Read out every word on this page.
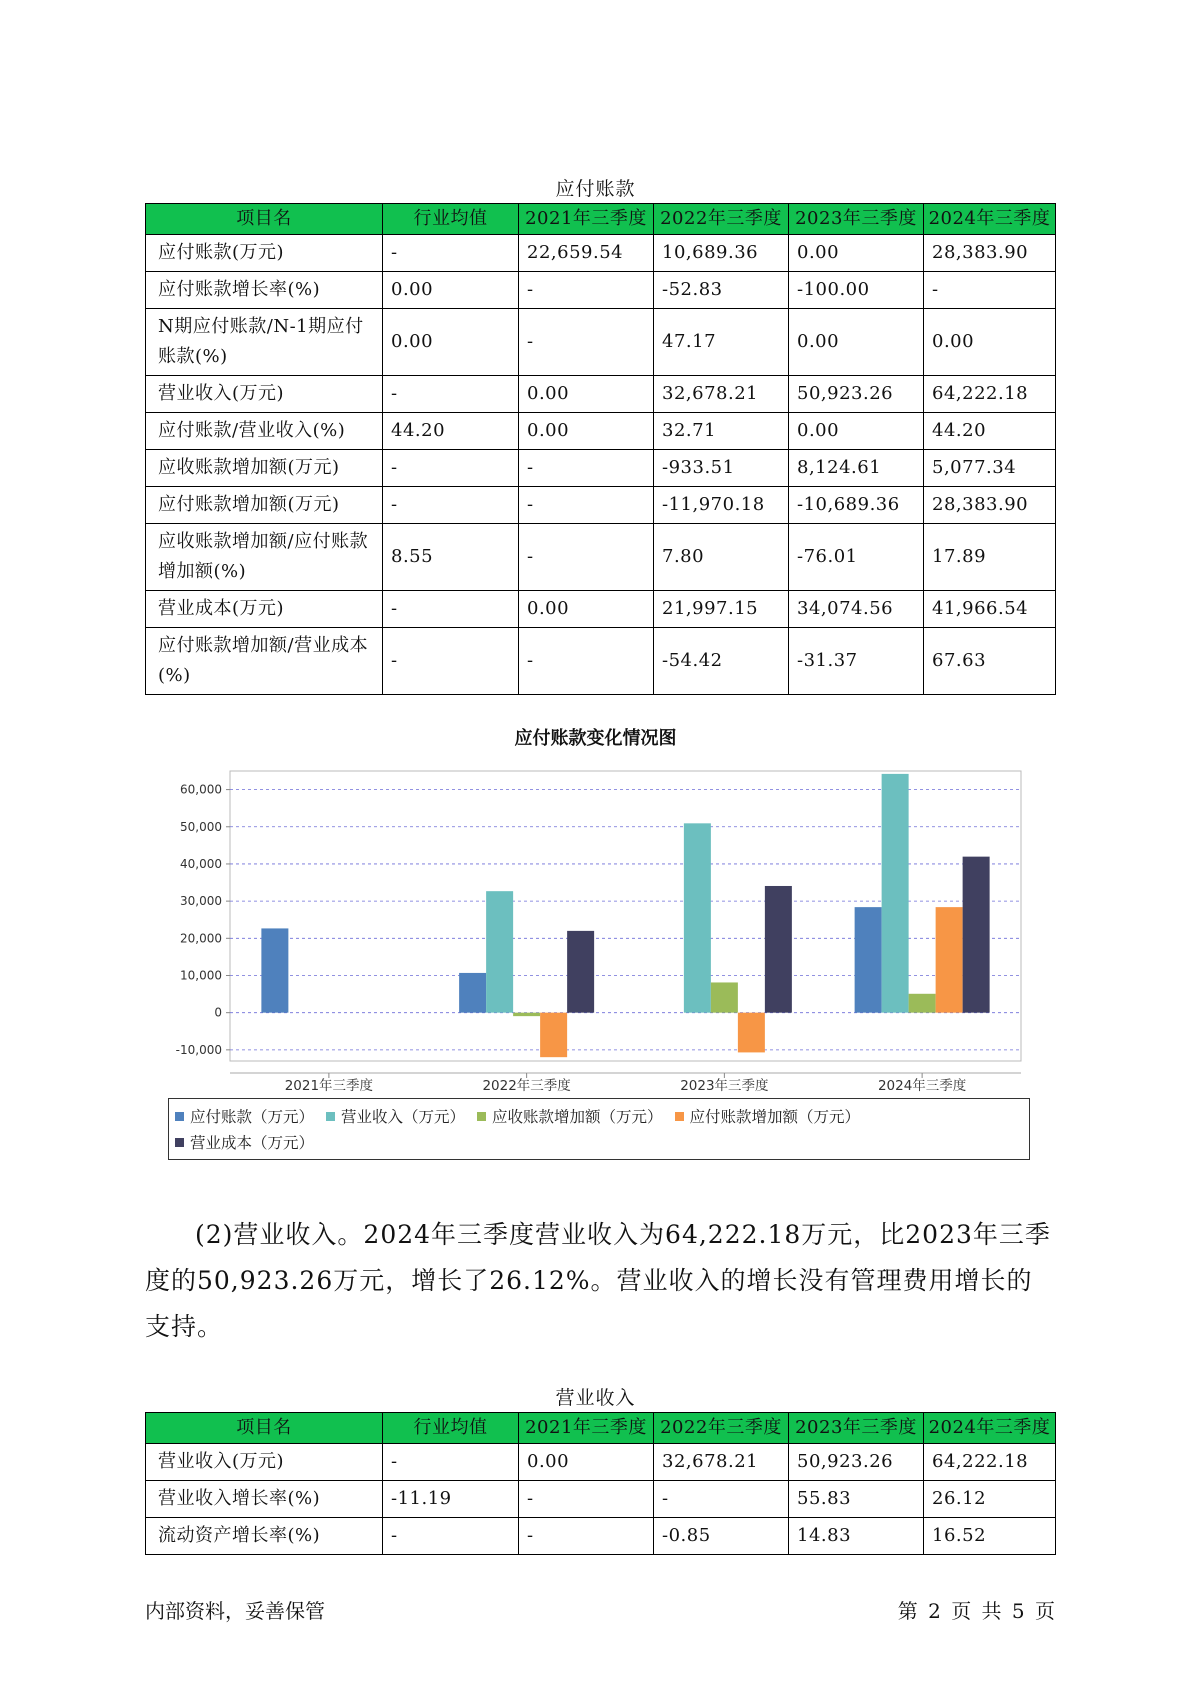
应付账款
项目名	行业均值	2021年三季度	2022年三季度	2023年三季度	2024年三季度
应付账款(万元)	-	22,659.54	10,689.36	0.00	28,383.90
应付账款增长率(%)	0.00	-	-52.83	-100.00	-
N期应付账款/N-1期应付账款(%)	0.00	-	47.17	0.00	0.00
营业收入(万元)	-	0.00	32,678.21	50,923.26	64,222.18
应付账款/营业收入(%)	44.20	0.00	32.71	0.00	44.20
应收账款增加额(万元)	-	-	-933.51	8,124.61	5,077.34
应付账款增加额(万元)	-	-	-11,970.18	-10,689.36	28,383.90
应收账款增加额/应付账款增加额(%)	8.55	-	7.80	-76.01	17.89
营业成本(万元)	-	0.00	21,997.15	34,074.56	41,966.54
应付账款增加额/营业成本(%)	-	-	-54.42	-31.37	67.63
应付账款变化情况图
-10,000
0
10,000
20,000
30,000
40,000
50,000
60,000
2021年三季度	2022年三季度	2023年三季度	2024年三季度
应付账款（万元） 营业收入（万元） 应收账款增加额（万元） 应付账款增加额（万元）

营业成本（万元）
(2)营业收入。2024年三季度营业收入为64,222.18万元，比2023年三季度的50,923.26万元，增长了26.12%。营业收入的增长没有管理费用增长的支持。
营业收入
项目名	行业均值	2021年三季度	2022年三季度	2023年三季度	2024年三季度
营业收入(万元)	-	0.00	32,678.21	50,923.26	64,222.18
营业收入增长率(%)	-11.19	-	-	55.83	26.12
流动资产增长率(%)	-	-	-0.85	14.83	16.52
内部资料，妥善保管	第 2 页 共 5 页
